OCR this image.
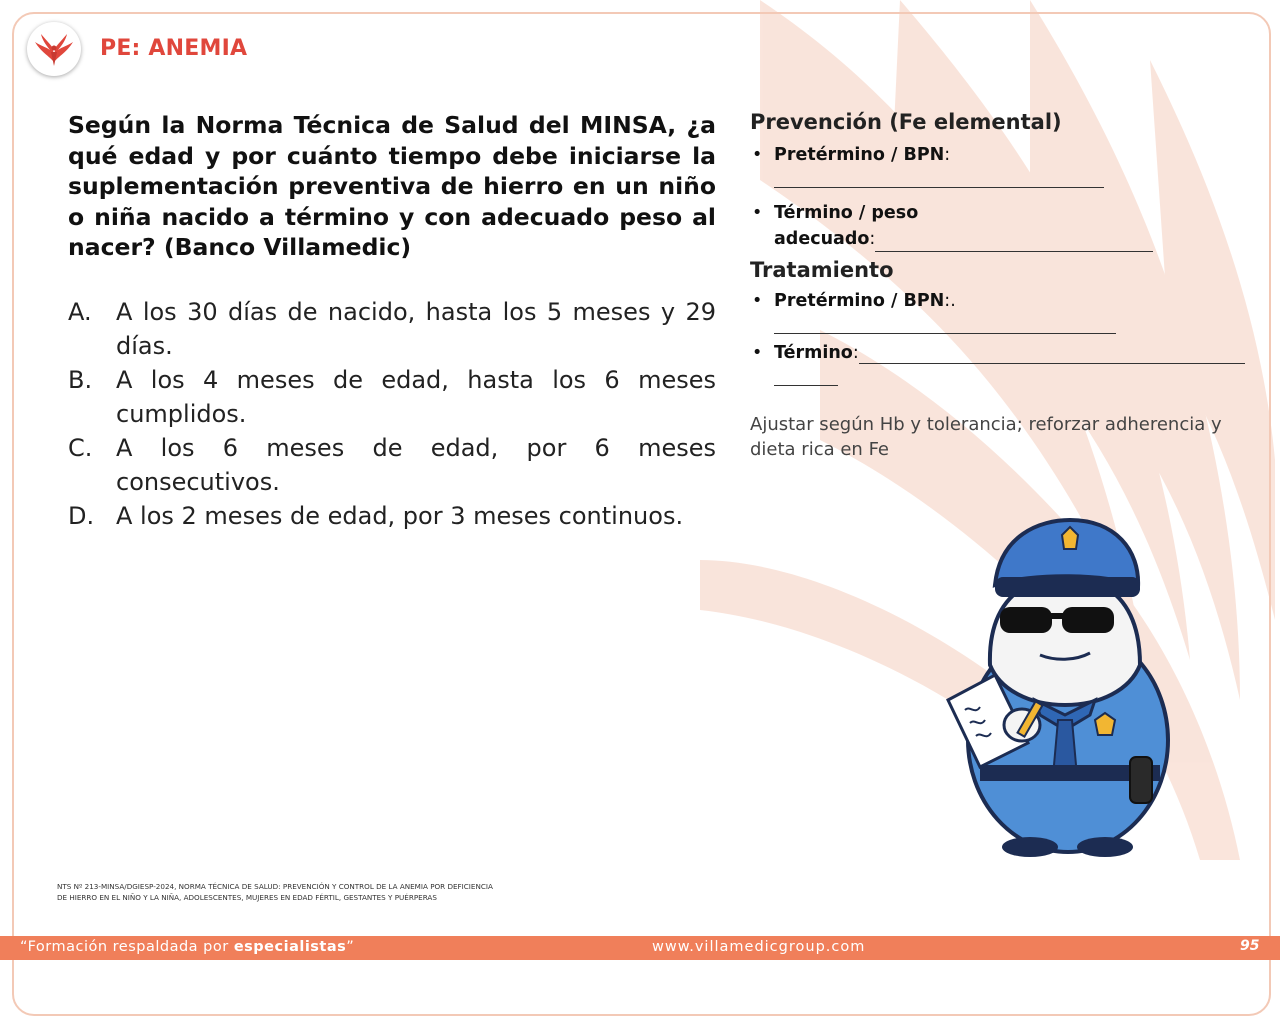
PE: ANEMIA

Según la Norma Técnica de Salud del MINSA, ¿a qué edad y por cuánto tiempo debe iniciarse la suplementación preventiva de hierro en un niño o niña nacido a término y con adecuado peso al nacer? (Banco Villamedic)

A.	A los 30 días de nacido, hasta los 5 meses y 29 días.
B. A los 4 meses de edad, hasta los 6 meses cumplidos.
C. A los 6 meses de edad, por 6 meses consecutivos.
D. A los 2 meses de edad, por 3 meses continuos.
Prevención (Fe elemental)
• Pretérmino / BPN:

• Término / peso
adecuado:
Tratamiento
• Pretérmino / BPN:.

• Término:

Ajustar según Hb y tolerancia; reforzar adherencia y dieta rica en Fe
NTS Nº 213-MINSA/DGIESP-2024, NORMA TÉCNICA DE SALUD: PREVENCIÓN Y CONTROL DE LA ANEMIA POR DEFICIENCIA
DE HIERRO EN EL NIÑO Y LA NIÑA, ADOLESCENTES, MUJERES EN EDAD FÉRTIL, GESTANTES Y PUÉRPERAS
“Formación respaldada por especialistas”	www.villamedicgroup.com	95
